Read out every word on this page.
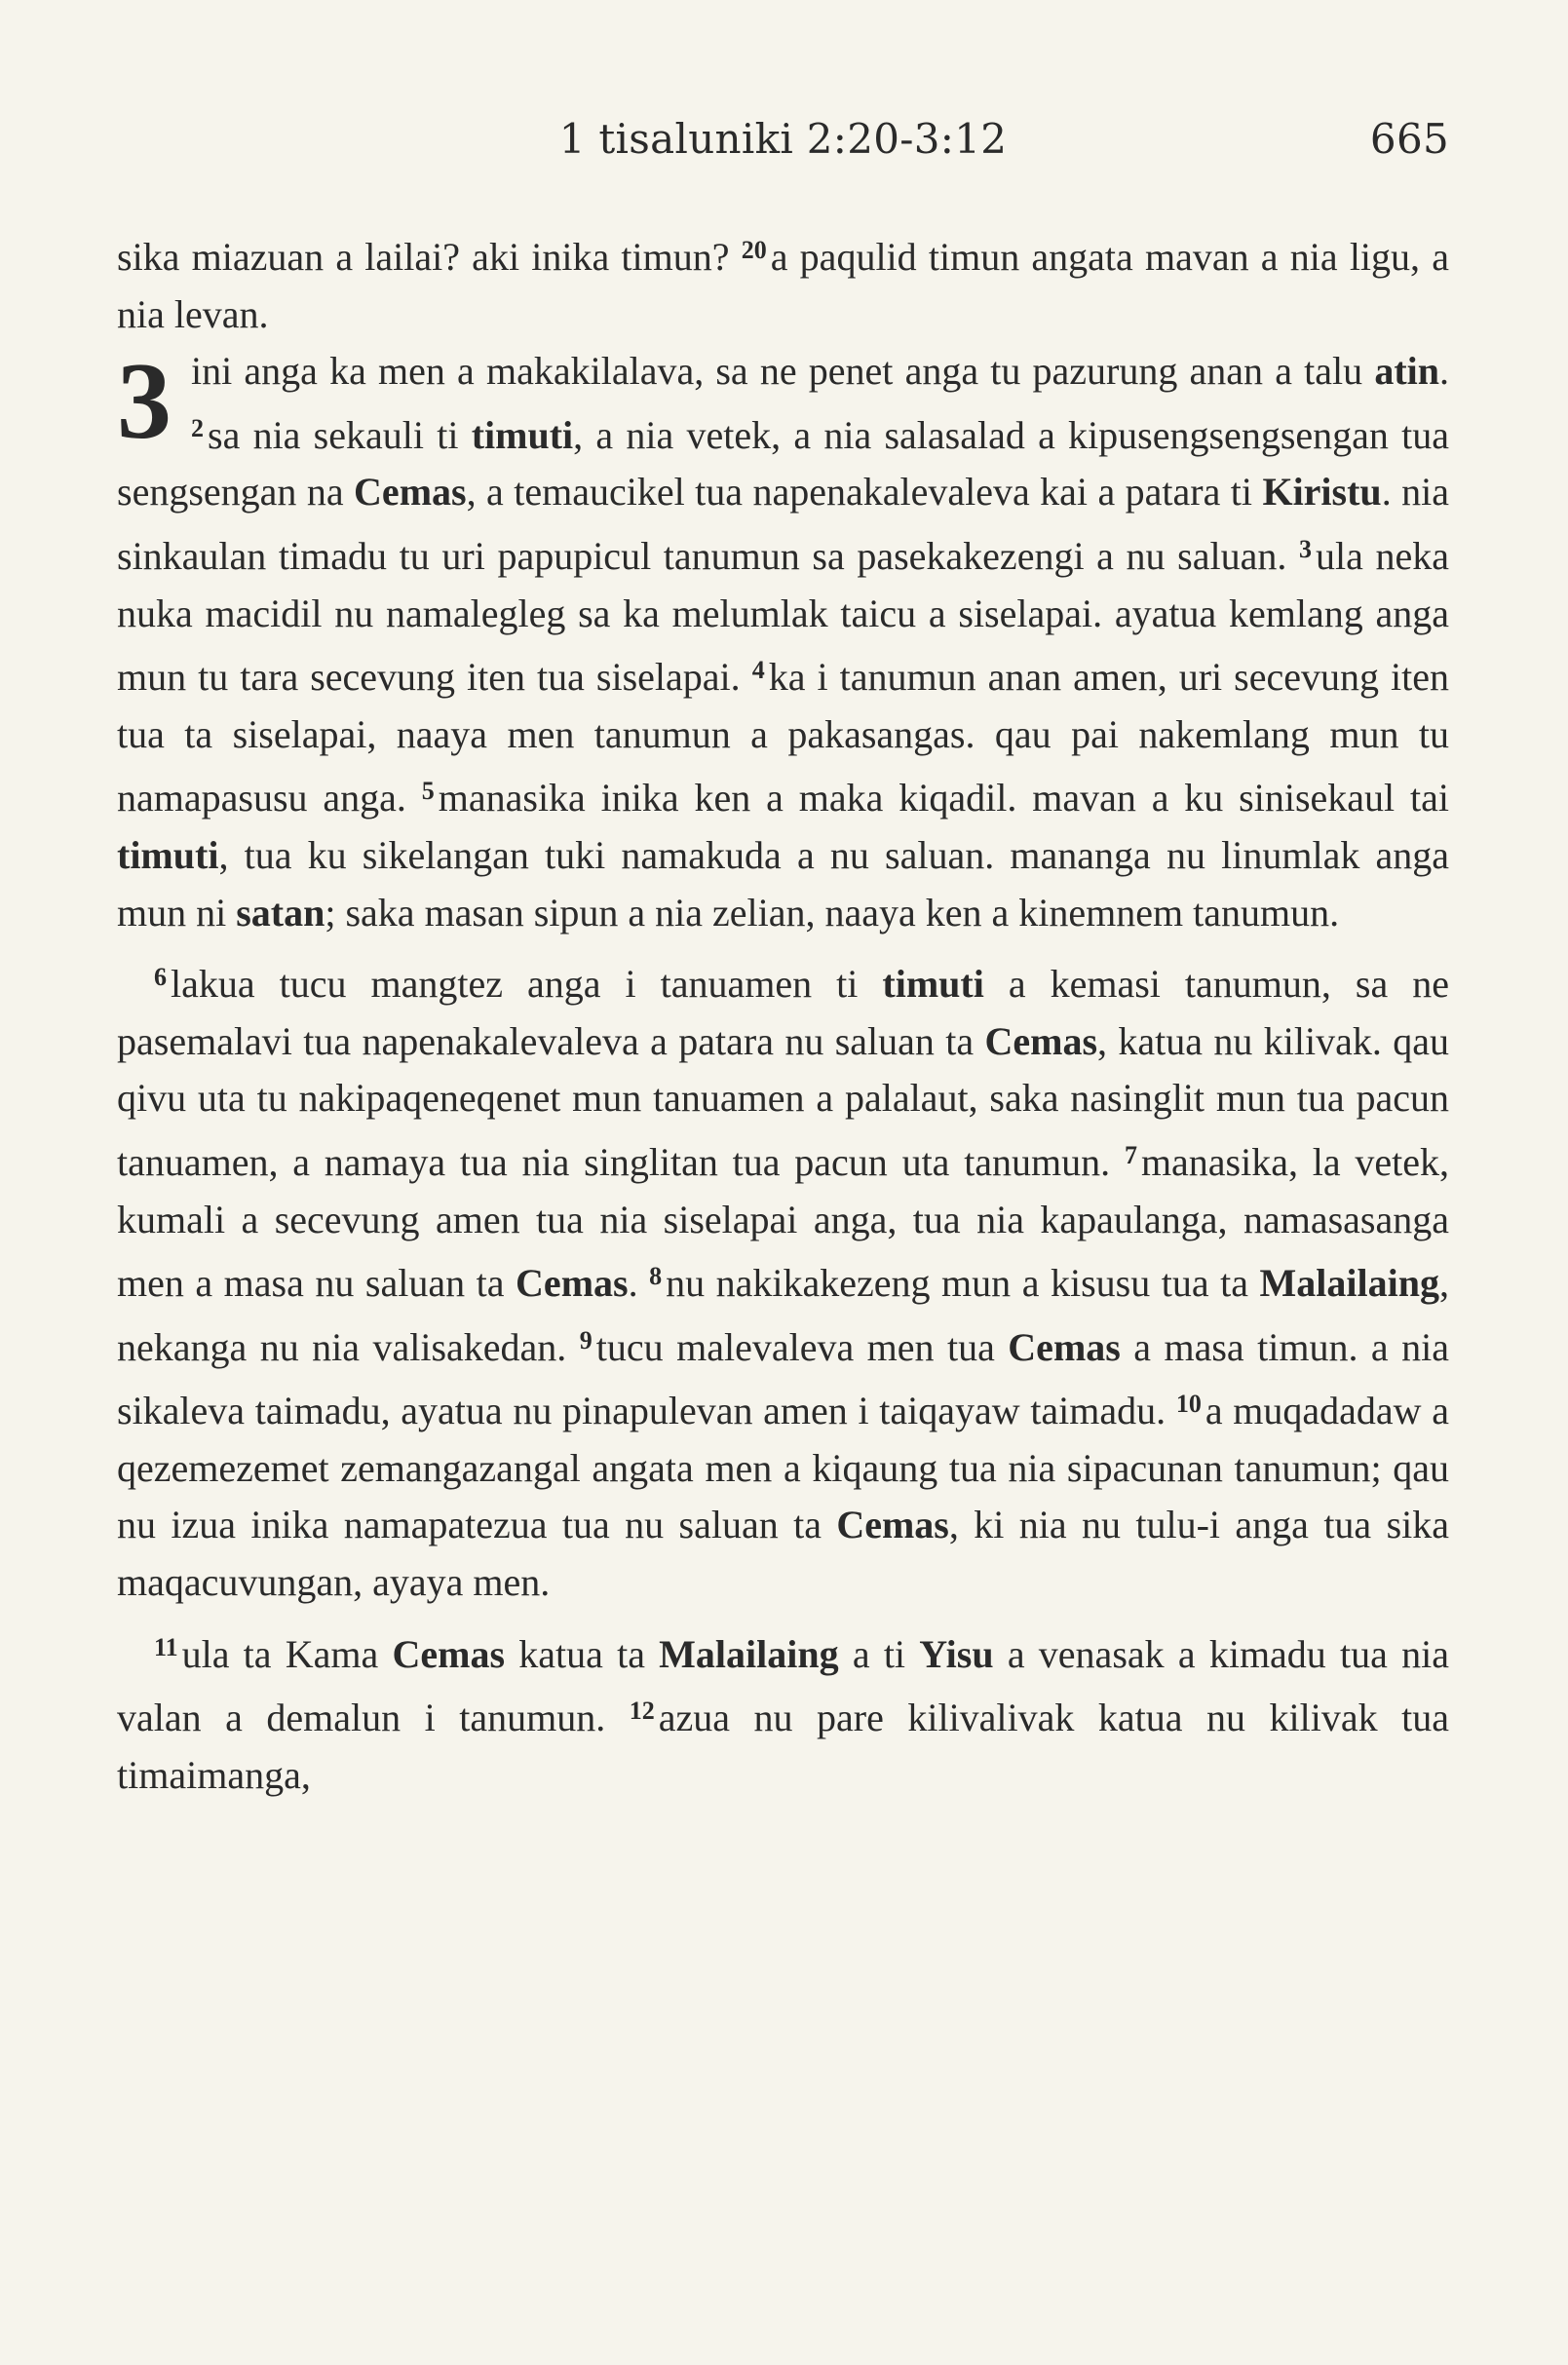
1 tisaluniki 2:20-3:12	665

sika miazuan a lailai? aki inika timun? $^{20}$ a paqulid timun angata mavan a nia ligu, a nia levan.

3 ini anga ka men a makakilalava, sa ne penet anga tu pazurung anan a talu atin. $^2$ sa nia sekauli ti timuti, a nia vetek, a nia salasalad a kipusengsengsengan tua sengsengan na Cemas, a temaucikel tua napenakalevaleva kai a patara ti Kiristu. nia sinkaulan timadu tu uri papupicul tanumun sa pasekakezengi a nu saluan. $^3$ ula neka nuka macidil nu namalegleg sa ka melumlak taicu a siselapai. ayatua kemlang anga mun tu tara secevung iten tua siselapai. $^4$ ka i tanumun anan amen, uri secevung iten tua ta siselapai, naaya men tanumun a pakasangas. qau pai nakemlang mun tu namapasusu anga. $^5$ manasika inika ken a maka kiqadil. mavan a ku sinisekaul tai timuti, tua ku sikelangan tuki namakuda a nu saluan. mananga nu linumlak anga mun ni satan; saka masan sipun a nia zelian, naaya ken a kinemnem tanumun.

$^6$ lakua tucu mangtez anga i tanuamen ti timuti a kemasi tanumun, sa ne pasemalavi tua napenakalevaleva a patara nu saluan ta Cemas, katua nu kilivak. qau qivu uta tu nakipaqeneqenet mun tanuamen a palalaut, saka nasinglit mun tua pacun tanuamen, a namaya tua nia singlitan tua pacun uta tanumun. $^7$ manasika, la vetek, kumali a secevung amen tua nia siselapai anga, tua nia kapaulanga, namasasanga men a masa nu saluan ta Cemas. $^8$ nu nakikakezeng mun a kisusu tua ta Malailaing, nekanga nu nia valisakedan. $^9$ tucu malevaleva men tua Cemas a masa timun. a nia sikaleva taimadu, ayatua nu pinapulevan amen i taiqayaw taimadu. $^{10}$ a muqadadaw a qezemezemet zemangazangal angata men a kiqaung tua nia sipacunan tanumun; qau nu izua inika namapatezua tua nu saluan ta Cemas, ki nia nu tulu-i anga tua sika maqacuvungan, ayaya men.

$^{11}$ ula ta Kama Cemas katua ta Malailaing a ti Yisu a venasak a kimadu tua nia valan a demalun i tanumun. $^{12}$ azua nu pare kilivalivak katua nu kilivak tua timaimanga,
